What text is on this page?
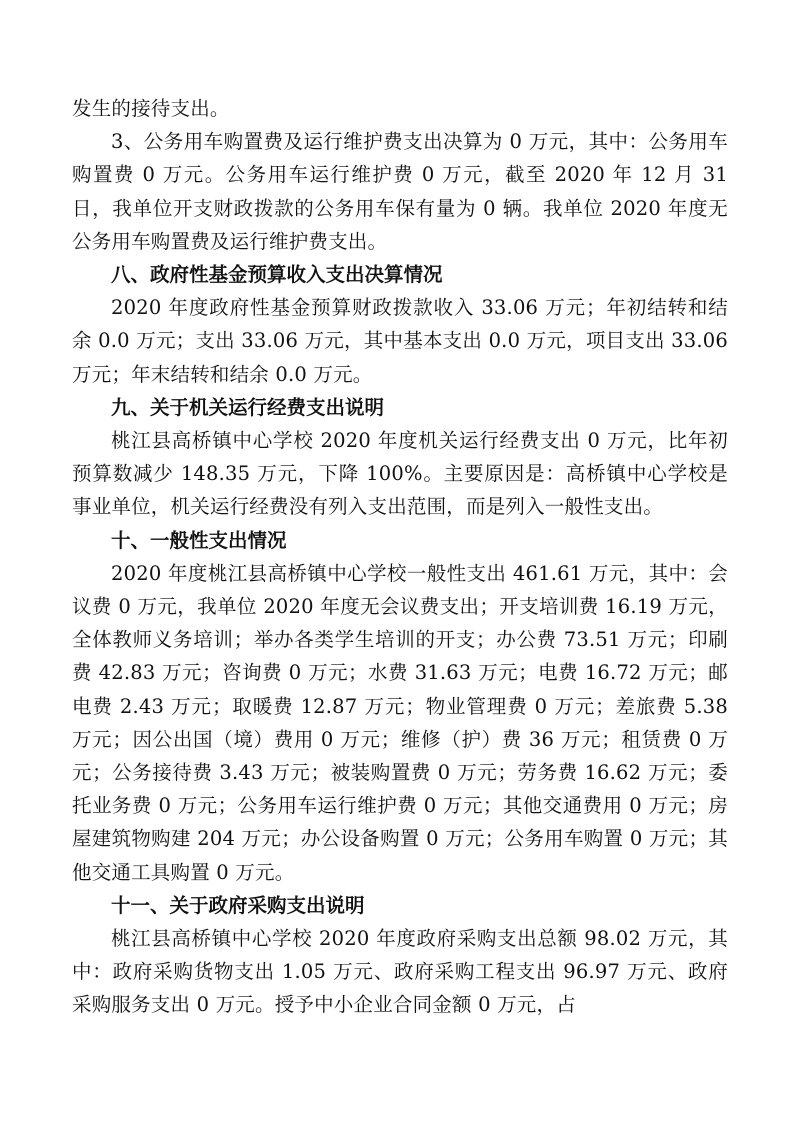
发生的接待支出。

3、公务用车购置费及运行维护费支出决算为 0 万元，其中：公务用车购置费 0 万元。公务用车运行维护费 0 万元，截至 2020 年 12 月 31 日，我单位开支财政拨款的公务用车保有量为 0 辆。我单位 2020 年度无公务用车购置费及运行维护费支出。

八、政府性基金预算收入支出决算情况

2020 年度政府性基金预算财政拨款收入 33.06 万元；年初结转和结余 0.0 万元；支出 33.06 万元，其中基本支出 0.0 万元，项目支出 33.06 万元；年末结转和结余 0.0 万元。

九、关于机关运行经费支出说明

桃江县高桥镇中心学校 2020 年度机关运行经费支出 0 万元，比年初预算数减少 148.35 万元，下降 100%。主要原因是：高桥镇中心学校是事业单位，机关运行经费没有列入支出范围，而是列入一般性支出。

十、一般性支出情况

2020 年度桃江县高桥镇中心学校一般性支出 461.61 万元，其中：会议费 0 万元，我单位 2020 年度无会议费支出；开支培训费 16.19 万元，全体教师义务培训；举办各类学生培训的开支；办公费 73.51 万元；印刷费 42.83 万元；咨询费 0 万元；水费 31.63 万元；电费 16.72 万元；邮电费 2.43 万元；取暖费 12.87 万元；物业管理费 0 万元；差旅费 5.38 万元；因公出国（境）费用 0 万元；维修（护）费 36 万元；租赁费 0 万元；公务接待费 3.43 万元；被装购置费 0 万元；劳务费 16.62 万元；委托业务费 0 万元；公务用车运行维护费 0 万元；其他交通费用 0 万元；房屋建筑物购建 204 万元；办公设备购置 0 万元；公务用车购置 0 万元；其他交通工具购置 0 万元。

十一、关于政府采购支出说明

桃江县高桥镇中心学校 2020 年度政府采购支出总额 98.02 万元，其中：政府采购货物支出 1.05 万元、政府采购工程支出 96.97 万元、政府采购服务支出 0 万元。授予中小企业合同金额 0 万元，占
